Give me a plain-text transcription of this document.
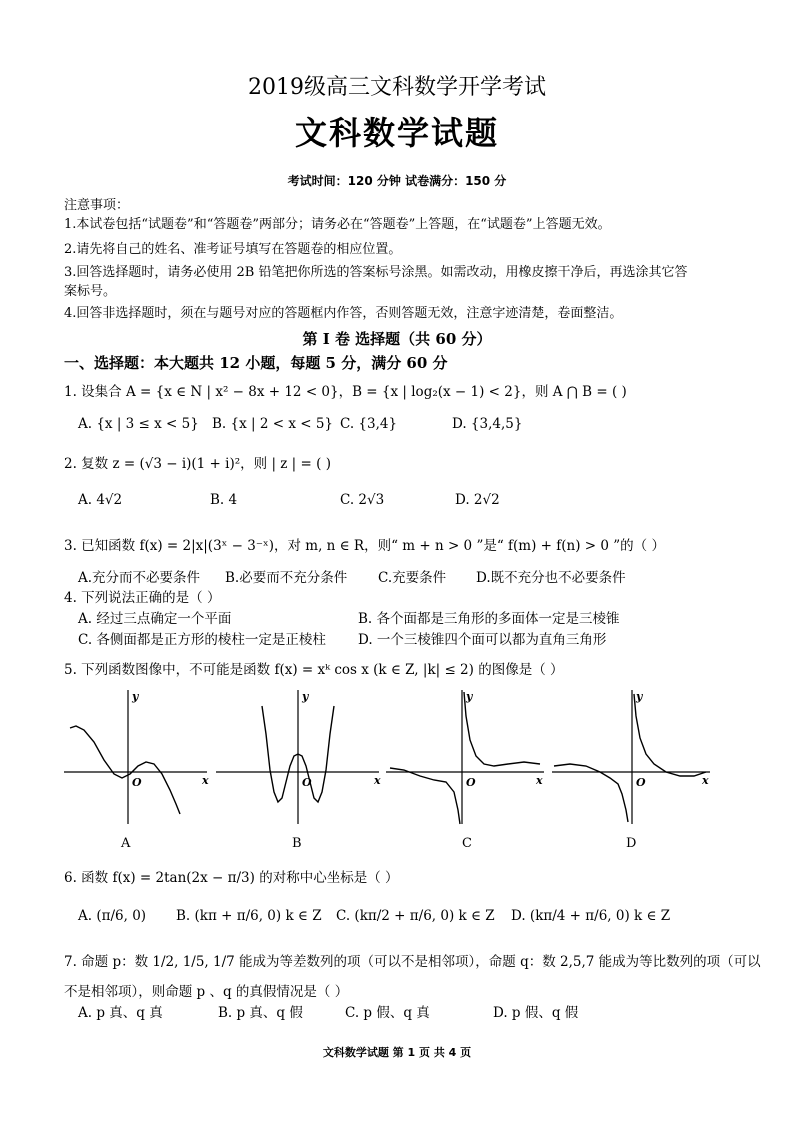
2019级高三文科数学开学考试
文科数学试题
考试时间：120 分钟 试卷满分：150 分
注意事项：
1.本试卷包括“试题卷”和“答题卷”两部分；请务必在“答题卷”上答题，在“试题卷”上答题无效。
2.请先将自己的姓名、准考证号填写在答题卷的相应位置。
3.回答选择题时，请务必使用 2B 铅笔把你所选的答案标号涂黑。如需改动，用橡皮擦干净后，再选涂其它答
案标号。
4.回答非选择题时，须在与题号对应的答题框内作答，否则答题无效，注意字迹清楚，卷面整洁。
第 I 卷 选择题（共 60 分）
一、选择题：本大题共 12 小题，每题 5 分，满分 60 分
1. 设集合 A = {x ∈ N | x² − 8x + 12 < 0}，B = {x | log₂(x − 1) < 2}，则 A ⋂ B = ( )
A. {x | 3 ≤ x < 5} B. {x | 2 < x < 5} C. {3,4}	D. {3,4,5}
2. 复数 z = (√3 − i)(1 + i)²，则 | z | = ( )
A. 4√2	B. 4	C. 2√3	D. 2√2
3. 已知函数 f(x) = 2|x|(3ˣ − 3⁻ˣ)，对 m, n ∈ R，则“ m + n > 0 ”是“ f(m) + f(n) > 0 ”的（ ）
A.充分而不必要条件 B.必要而不充分条件 C.充要条件 D.既不充分也不必要条件
4. 下列说法正确的是（ ）
A. 经过三点确定一个平面	B. 各个面都是三角形的多面体一定是三棱锥
C. 各侧面都是正方形的棱柱一定是正棱柱 D. 一个三棱锥四个面可以都为直角三角形
5. 下列函数图像中，不可能是函数 f(x) = xᵏ cos x (k ∈ Z, |k| ≤ 2) 的图像是（ ）
y
x
O
y
x
O
y
x
O
y
x
O
A	B	C	D
6. 函数 f(x) = 2tan(2x − π/3) 的对称中心坐标是（ ）
A. (π/6, 0) B. (kπ + π/6, 0) k ∈ Z C. (kπ/2 + π/6, 0) k ∈ Z D. (kπ/4 + π/6, 0) k ∈ Z
7. 命题 p：数 1/2, 1/5, 1/7 能成为等差数列的项（可以不是相邻项），命题 q：数 2,5,7 能成为等比数列的项（可以
不是相邻项），则命题 p 、q 的真假情况是（ ）
A. p 真、q 真	B. p 真、q 假	C. p 假、q 真	D. p 假、q 假
文科数学试题 第 1 页 共 4 页
